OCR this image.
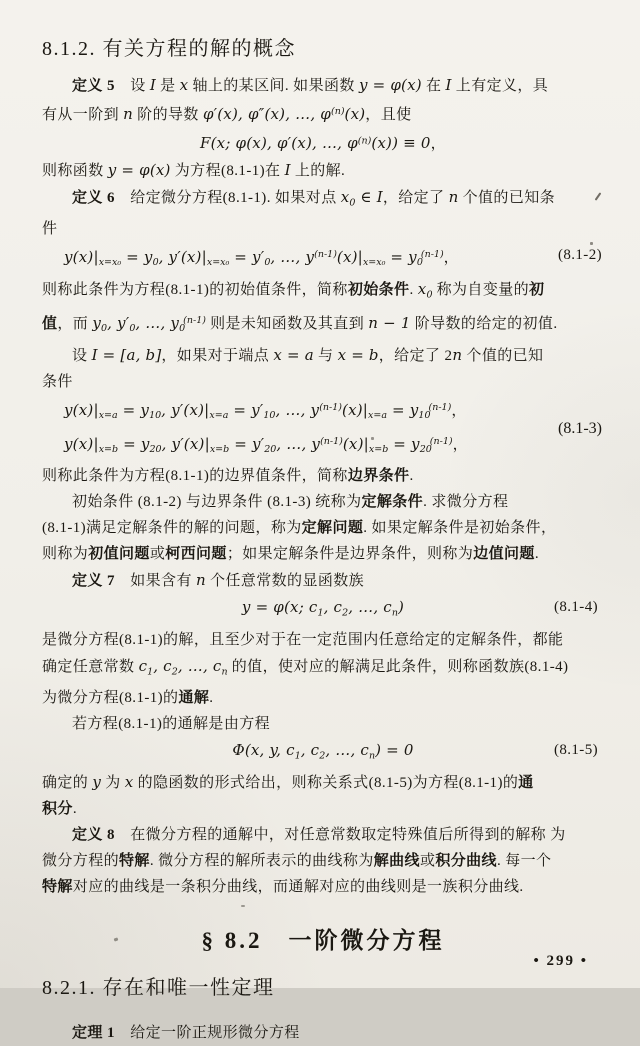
8.1.2. 有关方程的解的概念
定义 5　设 I 是 x 轴上的某区间. 如果函数 y = φ(x) 在 I 上有定义，具
有从一阶到 n 阶的导数 φ′(x), φ″(x), …, $\varphi^{(n)}(x)$，且使
F(x; φ(x), φ′(x), …, $\varphi^{(n)}(x)) \equiv 0$，
则称函数 y = φ(x) 为方程(8.1-1)在 I 上的解.
定义 6　给定微分方程(8.1-1). 如果对点 $x_0$ ∈ I，给定了 n 个值的已知条
件
$y(x)|_{x=x_0} = y_0$, $y'(x)|_{x=x_0} = y'_0$, …, $y^{(n-1)}(x)|_{x=x_0} = y_0^{(n-1)}$，	(8.1-2)
则称此条件为方程(8.1-1)的初始值条件，简称初始条件. $x_0$ 称为自变量的初
值，而 $y_0$, $y'_0$, …, $y_0^{(n-1)}$ 则是未知函数及其直到 n − 1 阶导数的给定的初值.
设 I = [a, b]，如果对于端点 x = a 与 x = b，给定了 2n 个值的已知
条件
$y(x)|_{x=a} = y_{10}$, $y'(x)|_{x=a} = y'_{10}$, …, $y^{(n-1)}(x)|_{x=a} = y_{10}^{(n-1)}$，
$y(x)|_{x=b} = y_{20}$, $y'(x)|_{x=b} = y'_{20}$, …, $y^{(n-1)}(x)|_{x=b} = y_{20}^{(n-1)}$，
(8.1-3)
则称此条件为方程(8.1-1)的边界值条件，简称边界条件.
初始条件 (8.1-2) 与边界条件 (8.1-3) 统称为定解条件. 求微分方程
(8.1-1)满足定解条件的解的问题，称为定解问题. 如果定解条件是初始条件，
则称为初值问题或柯西问题；如果定解条件是边界条件，则称为边值问题.
定义 7　如果含有 n 个任意常数的显函数族
y = φ(x; $c_1$, $c_2$, …, $c_n$)	(8.1-4)
是微分方程(8.1-1)的解，且至少对于在一定范围内任意给定的定解条件，都能
确定任意常数 $c_1$, $c_2$, …, $c_n$ 的值，使对应的解满足此条件，则称函数族(8.1-4)
为微分方程(8.1-1)的通解.
若方程(8.1-1)的通解是由方程
Φ(x, y, $c_1$, $c_2$, …, $c_n) = 0$	(8.1-5)
确定的 y 为 x 的隐函数的形式给出，则称关系式(8.1-5)为方程(8.1-1)的通
积分.
定义 8　在微分方程的通解中，对任意常数取定特殊值后所得到的解称 为
微分方程的特解. 微分方程的解所表示的曲线称为解曲线或积分曲线. 每一个
特解对应的曲线是一条积分曲线，而通解对应的曲线则是一族积分曲线.
§ 8.2　一阶微分方程
8.2.1. 存在和唯一性定理
定理 1　给定一阶正规形微分方程
• 299 •
